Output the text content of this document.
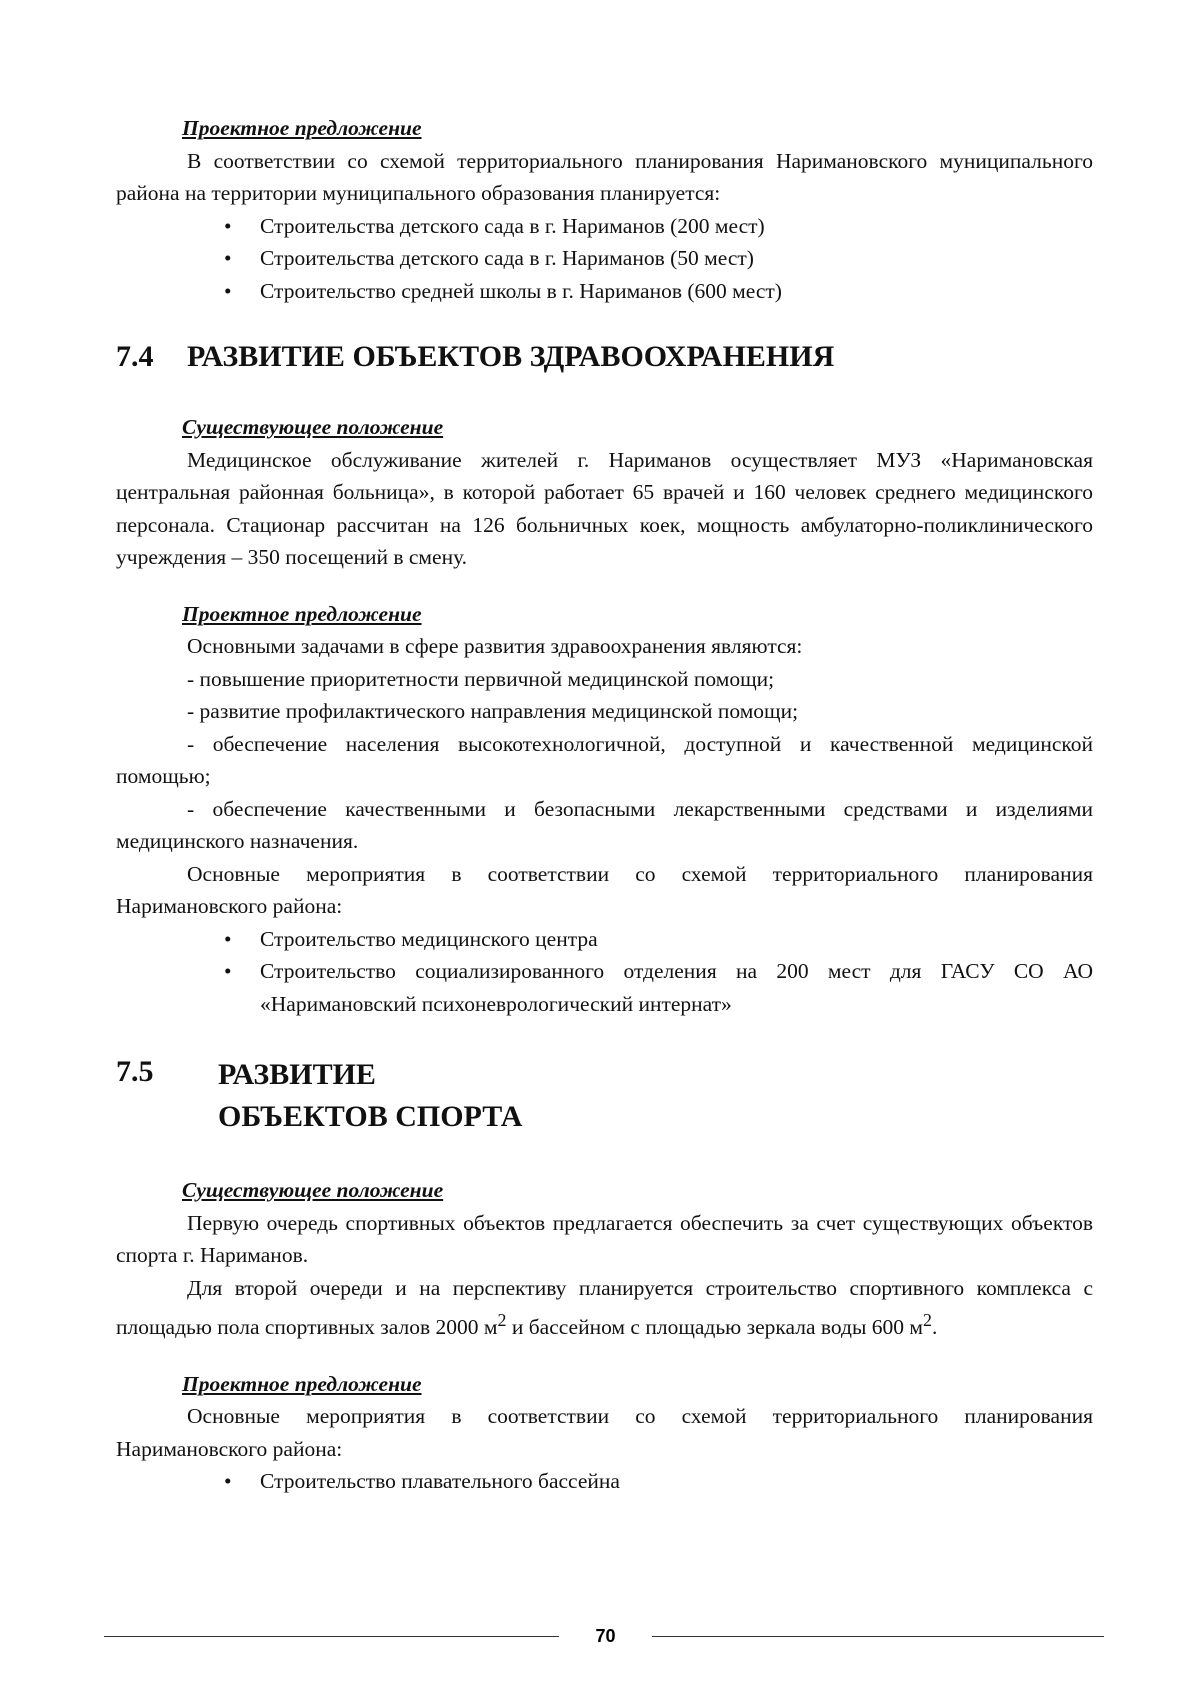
Проектное предложение

В соответствии со схемой территориального планирования Наримановского муниципального района на территории муниципального образования планируется:

• Строительства детского сада в г. Нариманов (200 мест)
• Строительства детского сада в г. Нариманов (50 мест)
• Строительство средней школы в г. Нариманов (600 мест)
7.4 РАЗВИТИЕ ОБЪЕКТОВ ЗДРАВООХРАНЕНИЯ

Существующее положение

Медицинское обслуживание жителей г. Нариманов осуществляет МУЗ «Наримановская центральная районная больница», в которой работает 65 врачей и 160 человек среднего медицинского персонала. Стационар рассчитан на 126 больничных коек, мощность амбулаторно-поликлинического учреждения – 350 посещений в смену.

Проектное предложение

Основными задачами в сфере развития здравоохранения являются:

- повышение приоритетности первичной медицинской помощи;

- развитие профилактического направления медицинской помощи;

- обеспечение населения высокотехнологичной, доступной и качественной медицинской помощью;

- обеспечение качественными и безопасными лекарственными средствами и изделиями медицинского назначения.

Основные мероприятия в соответствии со схемой территориального планирования Наримановского района:

• Строительство медицинского центра
• Строительство социализированного отделения на 200 мест для ГАСУ СО АО «Наримановский психоневрологический интернат»
7.5	РАЗВИТИЕ
ОБЪЕКТОВ СПОРТА

Существующее положение

Первую очередь спортивных объектов предлагается обеспечить за счет существующих объектов спорта г. Нариманов.

Для второй очереди и на перспективу планируется строительство спортивного комплекса с площадью пола спортивных залов 2000 $м^2$ и бассейном с площадью зеркала воды 600 $м^2$.

Проектное предложение

Основные мероприятия в соответствии со схемой территориального планирования Наримановского района:

• Строительство плавательного бассейна
70
